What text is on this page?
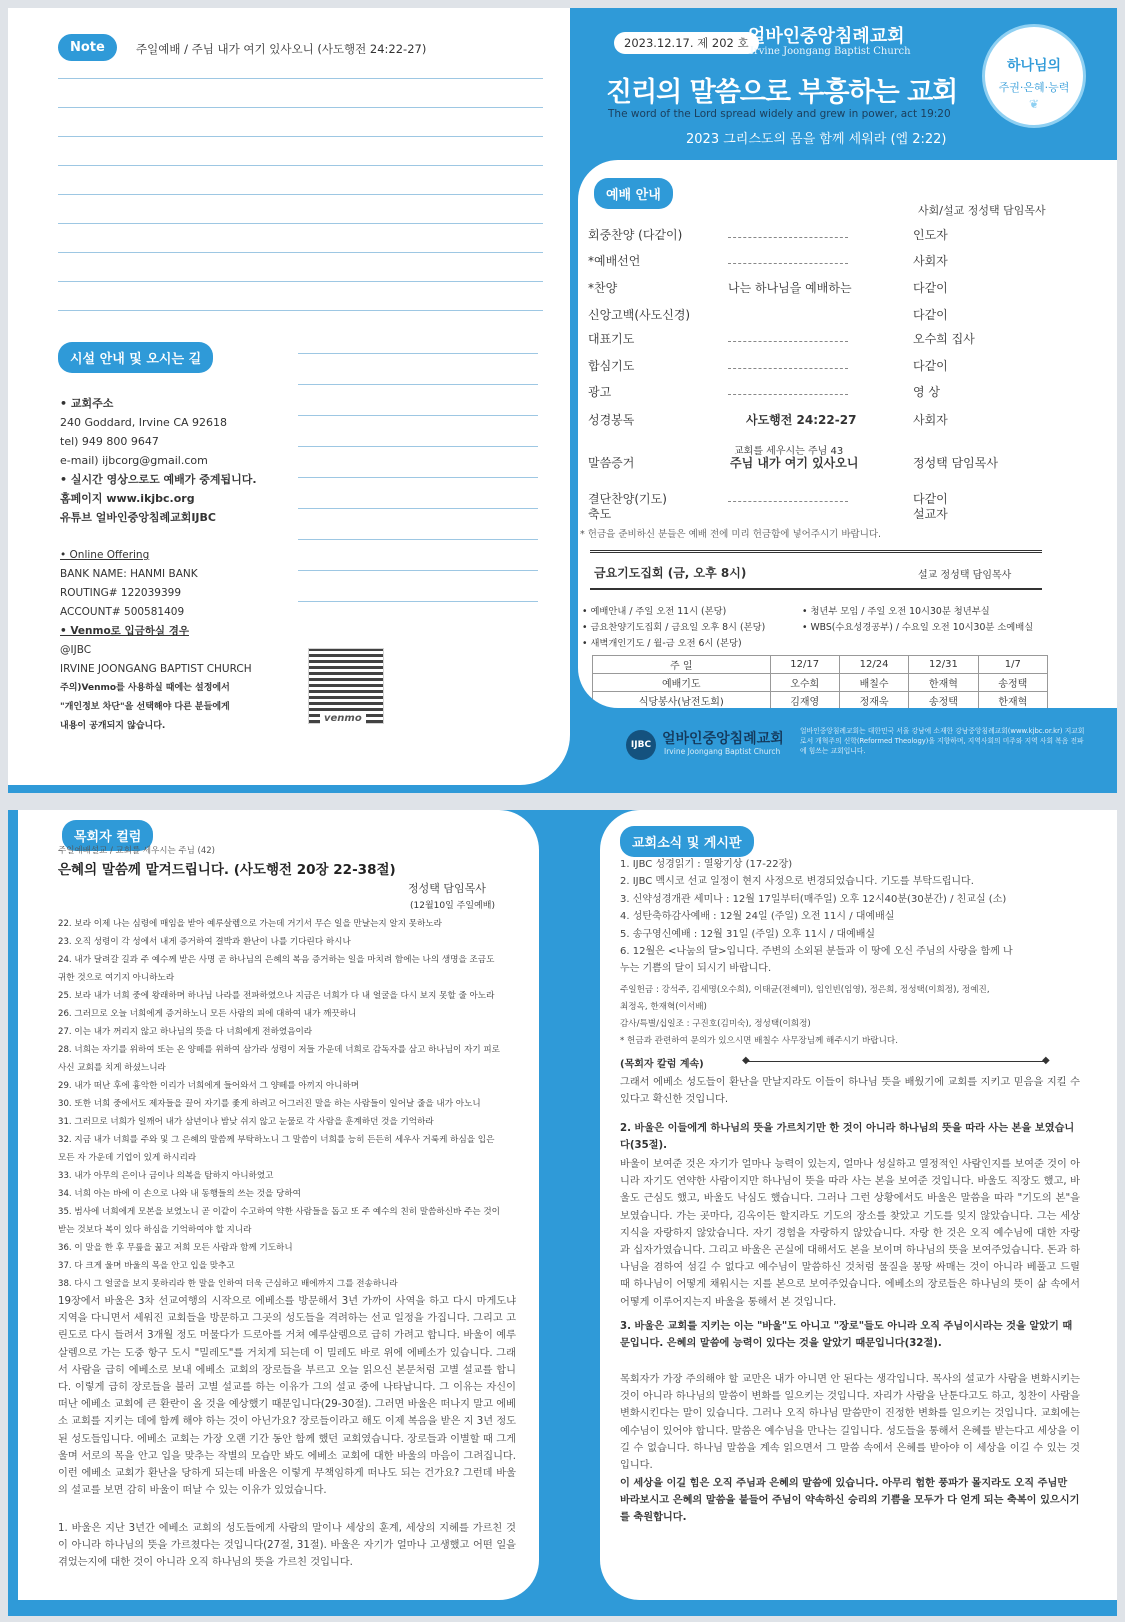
Note	주일예배 / 주님 내가 여기 있사오니 (사도행전 24:22-27)
시설 안내 및 오시는 길
• 교회주소
240 Goddard, Irvine CA 92618
tel) 949 800 9647
e-mail) ijbcorg@gmail.com
• 실시간 영상으로도 예배가 중계됩니다.
홈페이지 www.ikjbc.org
유튜브 얼바인중앙침례교회IJBC
• Online Offering
BANK NAME: HANMI BANK
ROUTING# 122039399
ACCOUNT# 500581409
• Venmo로 입금하실 경우
@IJBC
IRVINE JOONGANG BAPTIST CHURCH
주의)Venmo를 사용하실 때에는 설정에서
"개인정보 차단"을 선택해야 다른 분들에게
내용이 공개되지 않습니다.
venmo
2023.12.17. 제 202 호 얼바인중앙침례교회
Irvine Joongang Baptist Church
진리의 말씀으로 부흥하는 교회
The word of the Lord spread widely and grew in power, act 19:20
2023 그리스도의 몸을 함께 세워라 (엡 2:22)
하나님의
주권·은혜·능력
❦
예배 안내
사회/설교 정성택 담임목사
회중찬양 (다같이)	인도자
*예배선언	사회자
*찬양	나는 하나님을 예배하는	다같이
신앙고백(사도신경)	다같이
대표기도	오수희 집사
합심기도	다같이
광고	영 상
성경봉독	사도행전 24:22-27	사회자
교회를 세우시는 주님 43
말씀증거	주님 내가 여기 있사오니	정성택 담임목사
결단찬양(기도)	다같이
축도	설교자
* 헌금을 준비하신 분들은 예배 전에 미리 헌금함에 넣어주시기 바랍니다.
금요기도집회 (금, 오후 8시)	설교 정성택 담임목사
• 예배안내 / 주일 오전 11시 (본당)
• 금요찬양기도집회 / 금요일 오후 8시 (본당)
• 새벽개인기도 / 월-금 오전 6시 (본당)
• 청년부 모임 / 주일 오전 10시30분 청년부실
• WBS(수요성경공부) / 수요일 오전 10시30분 소예배실
주 일	12/17	12/24	12/31	1/7
예배기도	오수희	배칠수	한재혁	송정택
식당봉사(남전도회)	김재영	정재욱	송정택	한재혁
IJBC 얼바인중앙침례교회
Irvine Joongang Baptist Church
얼바인중앙침례교회는 대한민국 서울 강남에 소재한 강남중앙침례교회(www.kjbc.or.kr) 지교회로서 개혁주의 신학(Reformed Theology)을 지향하며, 지역사회의 미주와 지역 사회 복음 전파에 힘쓰는 교회입니다.
목회자 컬럼
주일예배설교 / 교회를 세우시는 주님 (42)
은혜의 말씀께 맡겨드립니다. (사도행전 20장 22-38절)
정성택 담임목사
(12월10일 주일예배)
22. 보라 이제 나는 심령에 매임을 받아 예루살렘으로 가는데 거기서 무슨 일을 만날는지 알지 못하노라
23. 오직 성령이 각 성에서 내게 증거하여 결박과 환난이 나를 기다린다 하시나
24. 내가 달려갈 길과 주 예수께 받은 사명 곧 하나님의 은혜의 복음 증거하는 일을 마치려 함에는 나의 생명을 조금도
귀한 것으로 여기지 아니하노라
25. 보라 내가 너희 중에 왕래하며 하나님 나라를 전파하였으나 지금은 너희가 다 내 얼굴을 다시 보지 못할 줄 아노라
26. 그러므로 오늘 너희에게 증거하노니 모든 사람의 피에 대하여 내가 깨끗하니
27. 이는 내가 꺼리지 않고 하나님의 뜻을 다 너희에게 전하였음이라
28. 너희는 자기를 위하여 또는 온 양떼를 위하여 삼가라 성령이 저들 가운데 너희로 감독자를 삼고 하나님이 자기 피로
사신 교회를 치게 하셨느니라
29. 내가 떠난 후에 흉악한 이리가 너희에게 들어와서 그 양떼를 아끼지 아니하며
30. 또한 너희 중에서도 제자들을 끌어 자기를 좇게 하려고 어그러진 말을 하는 사람들이 일어날 줄을 내가 아노니
31. 그러므로 너희가 일깨어 내가 삼년이나 밤낮 쉬지 않고 눈물로 각 사람을 훈계하던 것을 기억하라
32. 지금 내가 너희를 주와 및 그 은혜의 말씀께 부탁하노니 그 말씀이 너희를 능히 든든히 세우사 거룩케 하심을 입은
모든 자 가운데 기업이 있게 하시리라
33. 내가 아무의 은이나 금이나 의복을 탐하지 아니하였고
34. 너희 아는 바에 이 손으로 나와 내 동행들의 쓰는 것을 당하여
35. 범사에 너희에게 모본을 보였노니 곧 이같이 수고하여 약한 사람들을 돕고 또 주 예수의 친히 말씀하신바 주는 것이
받는 것보다 복이 있다 하심을 기억하여야 할 지니라
36. 이 말을 한 후 무릎을 꿇고 저희 모든 사람과 함께 기도하니
37. 다 크게 울며 바울의 목을 안고 입을 맞추고
38. 다시 그 얼굴을 보지 못하리라 한 말을 인하여 더욱 근심하고 배에까지 그를 전송하니라
19장에서 바울은 3차 선교여행의 시작으로 에베소를 방문해서 3년 가까이 사역을 하고 다시 마게도냐 지역을 다니면서 세워진 교회들을 방문하고 그곳의 성도들을 격려하는 선교 일정을 가집니다. 그리고 고린도로 다시 들려서 3개월 정도 머물다가 드로아를 거쳐 예루살렘으로 급히 가려고 합니다. 바울이 예루살렘으로 가는 도중 항구 도시 "밀레도"를 거치게 되는데 이 밀레도 바로 위에 에베소가 있습니다. 그래서 사람을 급히 에베소로 보내 에베소 교회의 장로들을 부르고 오늘 읽으신 본문처럼 고별 설교를 합니다. 이렇게 급히 장로들을 불러 고별 설교를 하는 이유가 그의 설교 중에 나타납니다. 그 이유는 자신이 떠난 에베소 교회에 큰 환란이 올 것을 예상했기 때문입니다(29-30절). 그러면 바울은 떠나지 말고 에베소 교회를 지키는 데에 함께 해야 하는 것이 아닌가요? 장로들이라고 해도 이제 복음을 받은 지 3년 정도 된 성도들입니다. 에베소 교회는 가장 오랜 기간 동안 함께 했던 교회였습니다. 장로들과 이별할 때 그게 울며 서로의 목을 안고 입을 맞추는 작별의 모습만 봐도 에베소 교회에 대한 바울의 마음이 그려집니다. 이런 에베소 교회가 환난을 당하게 되는데 바울은 이렇게 무책임하게 떠나도 되는 건가요? 그런데 바울의 설교를 보면 감히 바울이 떠날 수 있는 이유가 있었습니다.
1. 바울은 지난 3년간 에베소 교회의 성도들에게 사람의 말이나 세상의 훈계, 세상의 지혜를 가르친 것이 아니라 하나님의 뜻을 가르쳤다는 것입니다(27절, 31절). 바울은 자기가 얼마나 고생했고 어떤 일을 겪었는지에 대한 것이 아니라 오직 하나님의 뜻을 가르친 것입니다.
교회소식 및 게시판
1. IJBC 성경읽기 : 열왕기상 (17-22장)
2. IJBC 멕시코 선교 일정이 현지 사정으로 변경되었습니다. 기도를 부탁드립니다.
3. 신약성경개관 세미나 : 12월 17일부터(매주일) 오후 12시40분(30분간) / 친교실 (소)
4. 성탄축하감사예배 : 12월 24일 (주일) 오전 11시 / 대예배실
5. 송구영신예배 : 12월 31일 (주일) 오후 11시 / 대예배실
6. 12월은 <나눔의 달>입니다. 주변의 소외된 분들과 이 땅에 오신 주님의 사랑을 함께 나
누는 기쁨의 달이 되시기 바랍니다.
주일헌금 : 강석주, 김세명(오수희), 이태균(전혜미), 임인빈(임영), 정은희, 정성택(이희정), 정예진,
최정옥, 한재혁(이서배)
감사/특별/십일조 : 구진호(김미숙), 정성택(이희정)
* 헌금과 관련하여 문의가 있으시면 배칠수 사무장님께 해주시기 바랍니다.
(목회자 칼럼 계속)	◆	◆
그래서 에베소 성도들이 환난을 만날지라도 이들이 하나님 뜻을 배웠기에 교회를 지키고 믿음을 지킬 수 있다고 확신한 것입니다.
2. 바울은 이들에게 하나님의 뜻을 가르치기만 한 것이 아니라 하나님의 뜻을 따라 사는 본을 보였습니다(35절).
바울이 보여준 것은 자기가 얼마나 능력이 있는지, 얼마나 성실하고 열정적인 사람인지를 보여준 것이 아니라 자기도 연약한 사람이지만 하나님이 뜻을 따라 사는 본을 보여준 것입니다. 바울도 직장도 했고, 바울도 근심도 했고, 바울도 낙심도 했습니다. 그러나 그런 상황에서도 바울은 말씀을 따라 "기도의 본"을 보였습니다. 가는 곳마다, 김옥이든 할지라도 기도의 장소를 찾았고 기도를 잊지 않았습니다. 그는 세상 지식을 자랑하지 않았습니다. 자기 경험을 자랑하지 않았습니다. 자랑 한 것은 오직 예수님에 대한 자랑과 십자가였습니다. 그리고 바울은 곤실에 대해서도 본을 보이며 하나님의 뜻을 보여주었습니다. 돈과 하나님을 겸하여 섬길 수 없다고 예수님이 말씀하신 것처럼 물질을 몽땅 싸매는 것이 아니라 베풀고 드릴 때 하나님이 어떻게 채워시는 지를 본으로 보여주었습니다. 에베소의 장로들은 하나님의 뜻이 삶 속에서 어떻게 이루어지는지 바울을 통해서 본 것입니다.
3. 바울은 교회를 지키는 이는 "바울"도 아니고 "장로"들도 아니라 오직 주님이시라는 것을 알았기 때문입니다. 은혜의 말씀에 능력이 있다는 것을 알았기 때문입니다(32절).
목회자가 가장 주의해야 할 교만은 내가 아니면 안 된다는 생각입니다. 목사의 설교가 사람을 변화시키는 것이 아니라 하나님의 말씀이 변화를 일으키는 것입니다. 자리가 사람을 난툰다고도 하고, 칭찬이 사람을 변화시킨다는 말이 있습니다. 그러나 오직 하나님 말씀만이 진정한 변화를 일으키는 것입니다. 교회에는 예수님이 있어야 합니다. 말씀은 예수님을 만나는 길입니다. 성도들을 통해서 은혜를 받는다고 세상을 이길 수 없습니다. 하나님 말씀을 계속 읽으면서 그 말씀 속에서 은혜를 받아야 이 세상을 이길 수 있는 것입니다.
이 세상을 이길 힘은 오직 주님과 은혜의 말씀에 있습니다. 아무리 험한 풍파가 몰지라도 오직 주님만 바라보시고 은혜의 말씀을 붙들어 주님이 약속하신 승리의 기쁨을 모두가 다 얻게 되는 축복이 있으시기를 축원합니다.
